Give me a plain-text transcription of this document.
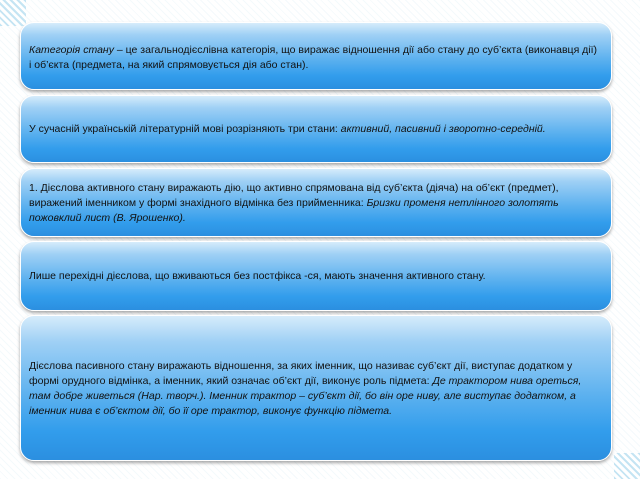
Категорія стану – це загальнодієслівна категорія, що виражає відношення дії або стану до суб’єкта (виконавця дії) і об’єкта (предмета, на який спрямовується дія або стан).

У сучасній українській літературній мові розрізняють три стани: активний, пасивний і зворотно-середній.

1. Дієслова активного стану виражають дію, що активно спрямована від суб’єкта (діяча) на об’єкт (предмет), виражений іменником у формі знахідного відмінка без прийменника: Бризки променя нетлінного золотять пожовклий лист (В. Ярошенко).

Лише перехідні дієслова, що вживаються без постфікса -ся, мають значення активного стану.

Дієслова пасивного стану виражають відношення, за яких іменник, що називає суб’єкт дії, виступає додатком у формі орудного відмінка, а іменник, який означає об’єкт дії, виконує роль підмета: Де трактором нива ореться, там добре живеться (Нар. творч.). Іменник трактор – суб’єкт дії, бо він оре ниву, але виступає додатком, а іменник нива є об’єктом дії, бо її оре трактор, виконує функцію підмета.
